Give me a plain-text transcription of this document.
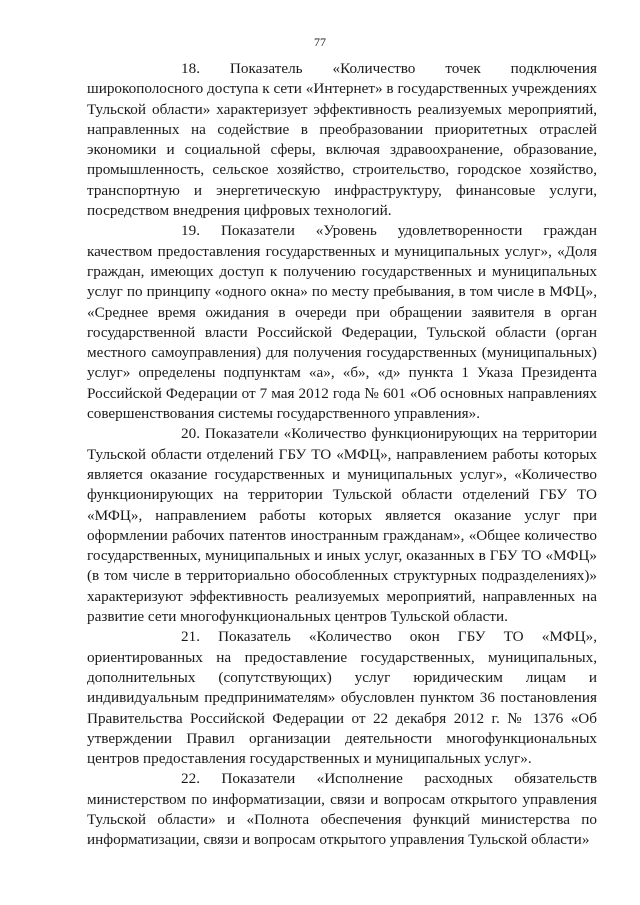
77

18. Показатель «Количество точек подключения широкополосного доступа к сети «Интернет» в государственных учреждениях Тульской области» характеризует эффективность реализуемых мероприятий, направленных на содействие в преобразовании приоритетных отраслей экономики и социальной сферы, включая здравоохранение, образование, промышленность, сельское хозяйство, строительство, городское хозяйство, транспортную и энергетическую инфраструктуру, финансовые услуги, посредством внедрения цифровых технологий.

19. Показатели «Уровень удовлетворенности граждан качеством предоставления государственных и муниципальных услуг», «Доля граждан, имеющих доступ к получению государственных и муниципальных услуг по принципу «одного окна» по месту пребывания, в том числе в МФЦ», «Среднее время ожидания в очереди при обращении заявителя в орган государственной власти Российской Федерации, Тульской области (орган местного самоуправления) для получения государственных (муниципальных) услуг» определены подпунктам «а», «б», «д» пункта 1 Указа Президента Российской Федерации от 7 мая 2012 года № 601 «Об основных направлениях совершенствования системы государственного управления».

20. Показатели «Количество функционирующих на территории Тульской области отделений ГБУ ТО «МФЦ», направлением работы которых является оказание государственных и муниципальных услуг», «Количество функционирующих на территории Тульской области отделений ГБУ ТО «МФЦ», направлением работы которых является оказание услуг при оформлении рабочих патентов иностранным гражданам», «Общее количество государственных, муниципальных и иных услуг, оказанных в ГБУ ТО «МФЦ» (в том числе в территориально обособленных структурных подразделениях)» характеризуют эффективность реализуемых мероприятий, направленных на развитие сети многофункциональных центров Тульской области.

21. Показатель «Количество окон ГБУ ТО «МФЦ», ориентированных на предоставление государственных, муниципальных, дополнительных (сопутствующих) услуг юридическим лицам и индивидуальным предпринимателям» обусловлен пунктом 36 постановления Правительства Российской Федерации от 22 декабря 2012 г. № 1376 «Об утверждении Правил организации деятельности многофункциональных центров предоставления государственных и муниципальных услуг».

22. Показатели «Исполнение расходных обязательств министерством по информатизации, связи и вопросам открытого управления Тульской области» и «Полнота обеспечения функций министерства по информатизации, связи и вопросам открытого управления Тульской области»
